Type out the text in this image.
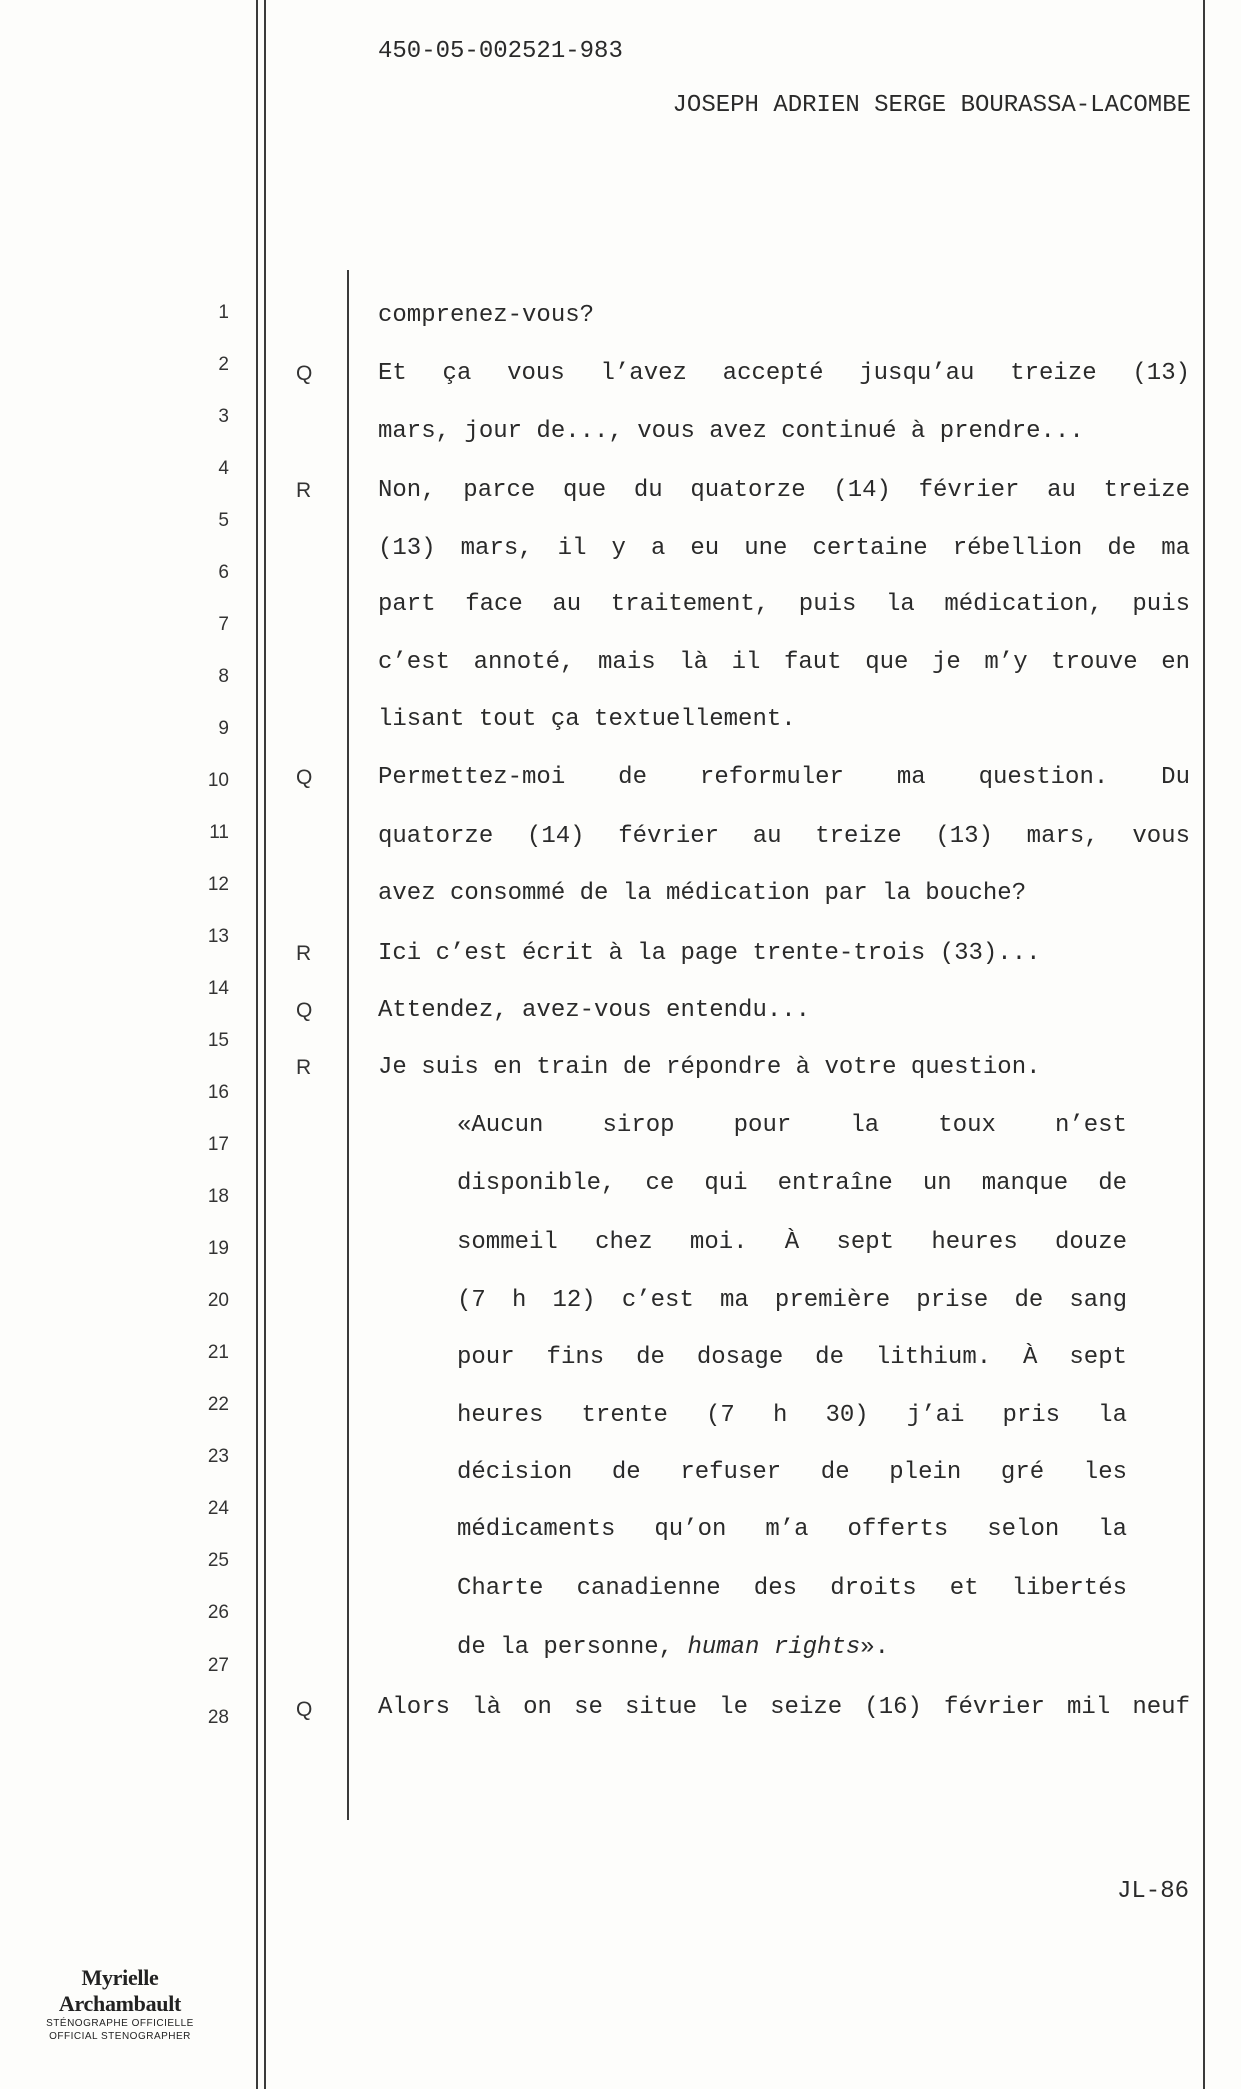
450-05-002521-983
JOSEPH ADRIEN SERGE BOURASSA-LACOMBE
1	comprenez-vous?
2	Q	Et ça vous l’avez accepté jusqu’au treize (13)
3
mars, jour de..., vous avez continué à prendre...
4
R	Non, parce que du quatorze (14) février au treize
5
(13) mars, il y a eu une certaine rébellion de ma
6
part face au traitement, puis la médication, puis
7
c’est annoté, mais là il faut que je m’y trouve en
8
lisant tout ça textuellement.
9
Q	Permettez-moi de reformuler ma question. Du
10
quatorze (14) février au treize (13) mars, vous
11
avez consommé de la médication par la bouche?
12
R	Ici c’est écrit à la page trente-trois (33)...
13
Q	Attendez, avez-vous entendu...
14
R	Je suis en train de répondre à votre question.
15
«Aucun sirop pour la toux n’est
16
disponible, ce qui entraîne un manque de
17
sommeil chez moi. À sept heures douze
18
(7 h 12) c’est ma première prise de sang
19
pour fins de dosage de lithium. À sept
20
heures trente (7 h 30) j’ai pris la
21
décision de refuser de plein gré les
22
médicaments qu’on m’a offerts selon la
23
Charte canadienne des droits et libertés
24
de la personne, human rights».
25
Q	Alors là on se situe le seize (16) février mil neuf
26
27
28
JL-86
Myrielle Archambault
STÉNOGRAPHE OFFICIELLE
OFFICIAL STENOGRAPHER
